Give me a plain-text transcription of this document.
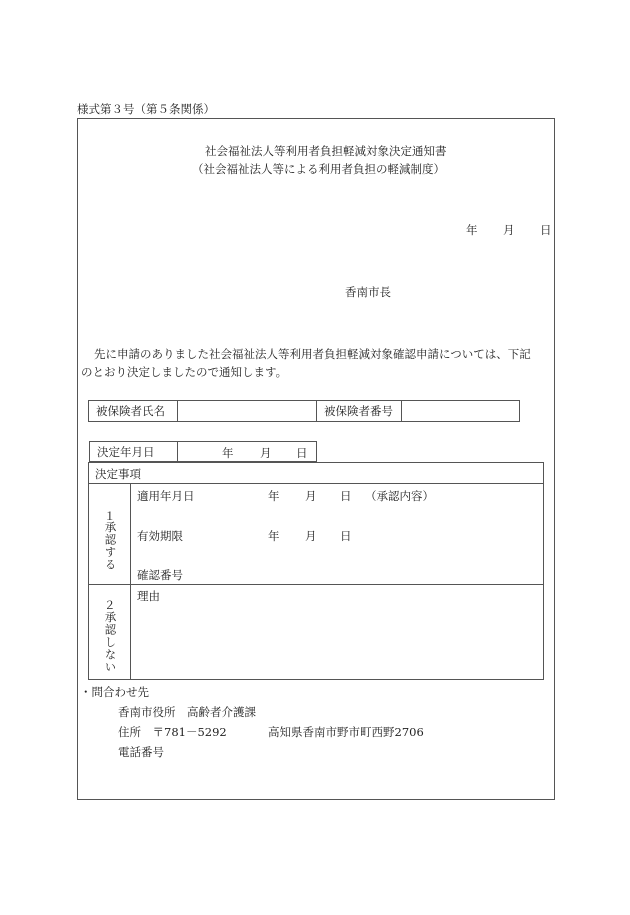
様式第３号（第５条関係）
社会福祉法人等利用者負担軽減対象決定通知書
（社会福祉法人等による利用者負担の軽減制度）
年 月 日
香南市長
先に申請のありました社会福祉法人等利用者負担軽減対象確認申請については、下記
のとおり決定しましたので通知します。
被保険者氏名		被保険者番号	
決定年月日	年 月 日
決定事項
１
承認する
適用年月日	年 月 日 （承認内容）
有効期限	年 月 日
確認番号
２
承認しない
理由
・問合わせ先
香南市役所　高齢者介護課
住所　〒781－5292	高知県香南市野市町西野2706
電話番号
